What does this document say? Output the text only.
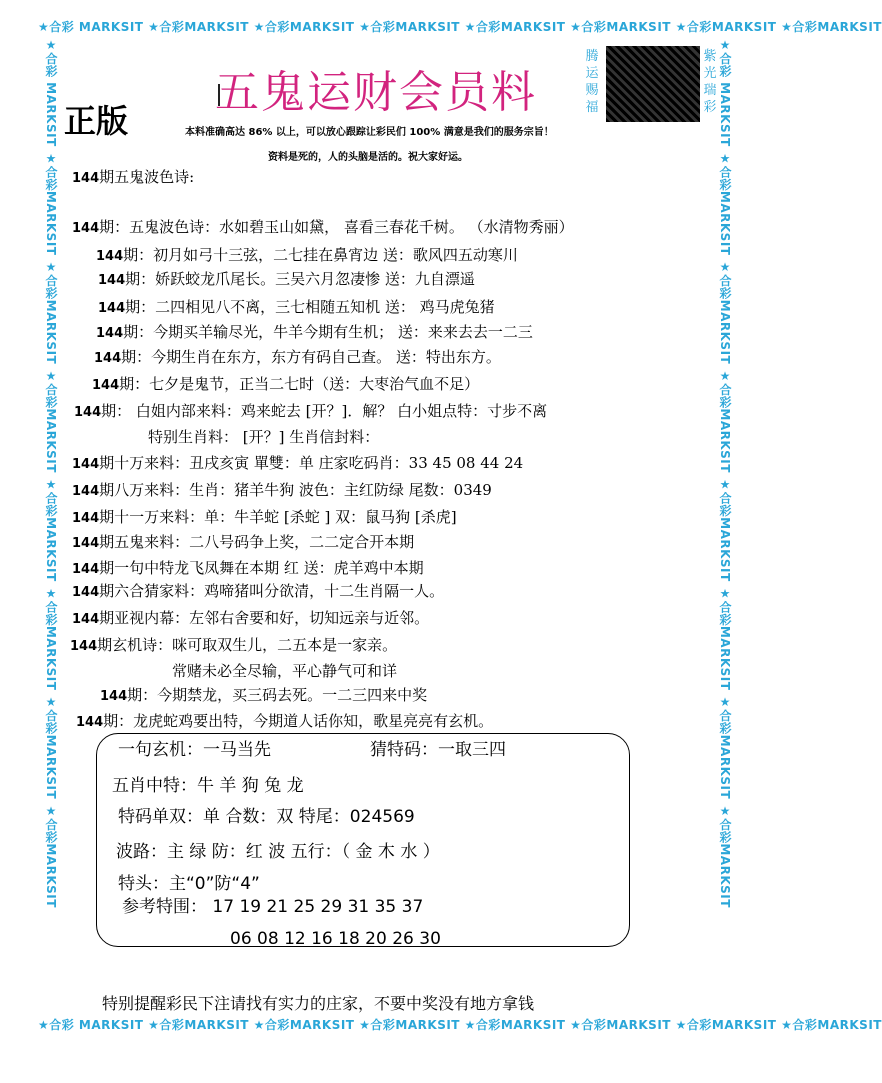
★合彩 MARKSIT ★合彩MARKSIT ★合彩MARKSIT ★合彩MARKSIT ★合彩MARKSIT ★合彩MARKSIT ★合彩MARKSIT ★合彩MARKSIT
★合彩 MARKSIT ★合彩MARKSIT ★合彩MARKSIT ★合彩MARKSIT ★合彩MARKSIT ★合彩MARKSIT ★合彩MARKSIT ★合彩MARKSIT
★合彩 MARKSIT ★合彩MARKSIT ★合彩MARKSIT ★合彩MARKSIT ★合彩MARKSIT ★合彩MARKSIT ★合彩MARKSIT ★合彩MARKSIT	★合彩 MARKSIT ★合彩MARKSIT ★合彩MARKSIT ★合彩MARKSIT ★合彩MARKSIT ★合彩MARKSIT ★合彩MARKSIT ★合彩MARKSIT
五鬼运财会员料
正版
腾运赐福
紫光瑞彩
本料准确高达 86% 以上，可以放心跟踪让彩民们 100% 满意是我们的服务宗旨！
资料是死的，人的头脑是活的。祝大家好运。
144期五鬼波色诗:
144期：五鬼波色诗：水如碧玉山如黛， 喜看三春花千树。 （水清物秀丽）
144期：初月如弓十三弦，二七挂在鼻宵边 送：歌风四五动寒川
144期：娇跃蛟龙爪尾长。三吴六月忽凄惨 送：九自漂遥
144期：二四相见八不离，三七相随五知机 送： 鸡马虎兔猪
144期：今期买羊输尽光，牛羊今期有生机； 送：来来去去一二三
144期：今期生肖在东方，东方有码自己查。 送：特出东方。
144期：七夕是鬼节，正当二七时（送：大枣治气血不足）
144期： 白姐内部来料：鸡来蛇去 [开？]．解？ 白小姐点特：寸步不离
特别生肖料： [开？] 生肖信封料：
144期十万来料：丑戌亥寅 單雙：单 庄家吃码肖：33 45 08 44 24
144期八万来料：生肖：猪羊牛狗 波色：主红防绿 尾数：0349
144期十一万来料：单：牛羊蛇 [杀蛇 ] 双：鼠马狗 [杀虎]
144期五鬼来料：二八号码争上奖，二二定合开本期
144期一句中特龙飞凤舞在本期 红 送：虎羊鸡中本期
144期六合猜家料：鸡啼猪叫分欲清，十二生肖隔一人。
144期亚视内幕：左邻右舍要和好，切知远亲与近邻。
144期玄机诗：咪可取双生儿，二五本是一家亲。
常赌未必全尽输，平心静气可和详
144期：今期禁龙，买三码去死。一二三四来中奖
144期：龙虎蛇鸡要出特，今期道人话你知，歌星亮亮有玄机。
一句玄机：一马当先	猜特码：一取三四
五肖中特：牛 羊 狗 兔 龙
特码单双：单 合数：双 特尾：024569
波路：主 绿 防：红 波 五行：（ 金 木 水 ）
特头：主“0”防“4”
参考特围： 17 19 21 25 29 31 35 37
06 08 12 16 18 20 26 30
特别提醒彩民下注请找有实力的庄家，不要中奖没有地方拿钱
